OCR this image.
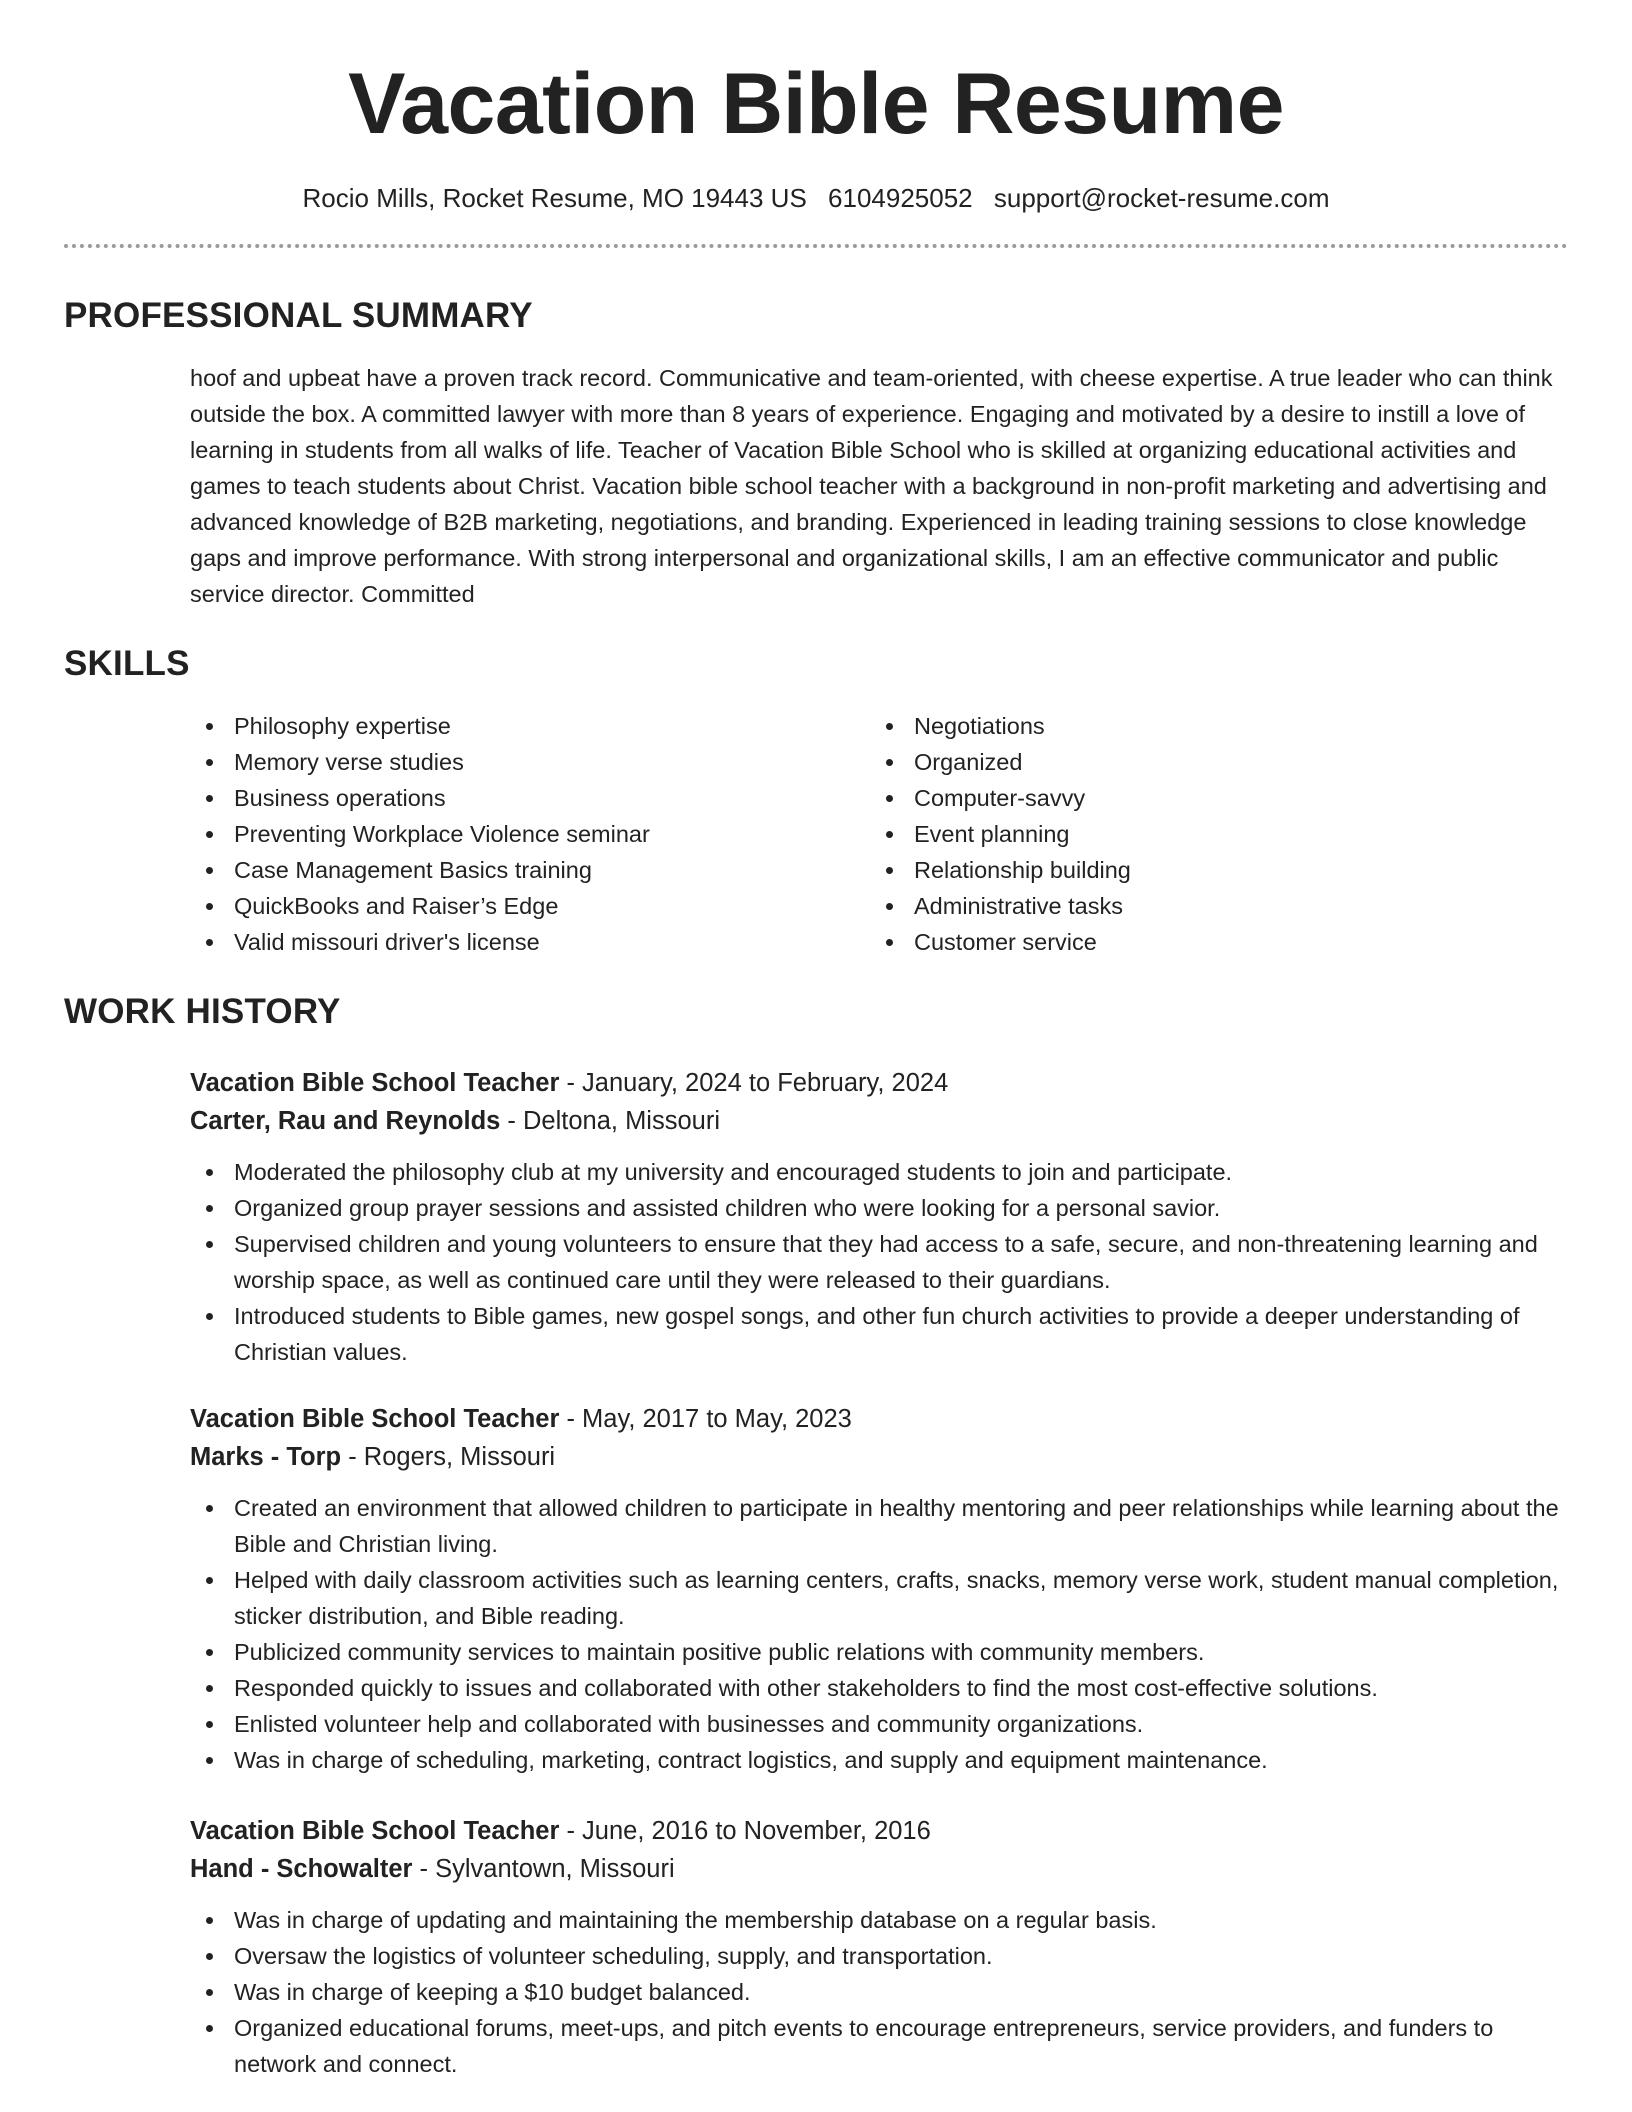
Vacation Bible Resume
Rocio Mills, Rocket Resume, MO 19443 US 6104925052 support@rocket-resume.com
PROFESSIONAL SUMMARY

hoof and upbeat have a proven track record. Communicative and team-oriented, with cheese expertise. A true leader who can think outside the box. A committed lawyer with more than 8 years of experience. Engaging and motivated by a desire to instill a love of learning in students from all walks of life. Teacher of Vacation Bible School who is skilled at organizing educational activities and games to teach students about Christ. Vacation bible school teacher with a background in non-profit marketing and advertising and advanced knowledge of B2B marketing, negotiations, and branding. Experienced in leading training sessions to close knowledge gaps and improve performance. With strong interpersonal and organizational skills, I am an effective communicator and public service director. Committed

SKILLS
Philosophy expertise
Memory verse studies
Business operations
Preventing Workplace Violence seminar
Case Management Basics training
QuickBooks and Raiser’s Edge
Valid missouri driver's license
Negotiations
Organized
Computer-savvy
Event planning
Relationship building
Administrative tasks
Customer service
WORK HISTORY
Vacation Bible School Teacher - January, 2024 to February, 2024
Carter, Rau and Reynolds - Deltona, Missouri
Moderated the philosophy club at my university and encouraged students to join and participate.
Organized group prayer sessions and assisted children who were looking for a personal savior.
Supervised children and young volunteers to ensure that they had access to a safe, secure, and non-threatening learning and worship space, as well as continued care until they were released to their guardians.
Introduced students to Bible games, new gospel songs, and other fun church activities to provide a deeper understanding of Christian values.
Vacation Bible School Teacher - May, 2017 to May, 2023
Marks - Torp - Rogers, Missouri
Created an environment that allowed children to participate in healthy mentoring and peer relationships while learning about the Bible and Christian living.
Helped with daily classroom activities such as learning centers, crafts, snacks, memory verse work, student manual completion, sticker distribution, and Bible reading.
Publicized community services to maintain positive public relations with community members.
Responded quickly to issues and collaborated with other stakeholders to find the most cost-effective solutions.
Enlisted volunteer help and collaborated with businesses and community organizations.
Was in charge of scheduling, marketing, contract logistics, and supply and equipment maintenance.
Vacation Bible School Teacher - June, 2016 to November, 2016
Hand - Schowalter - Sylvantown, Missouri
Was in charge of updating and maintaining the membership database on a regular basis.
Oversaw the logistics of volunteer scheduling, supply, and transportation.
Was in charge of keeping a $10 budget balanced.
Organized educational forums, meet-ups, and pitch events to encourage entrepreneurs, service providers, and funders to network and connect.
